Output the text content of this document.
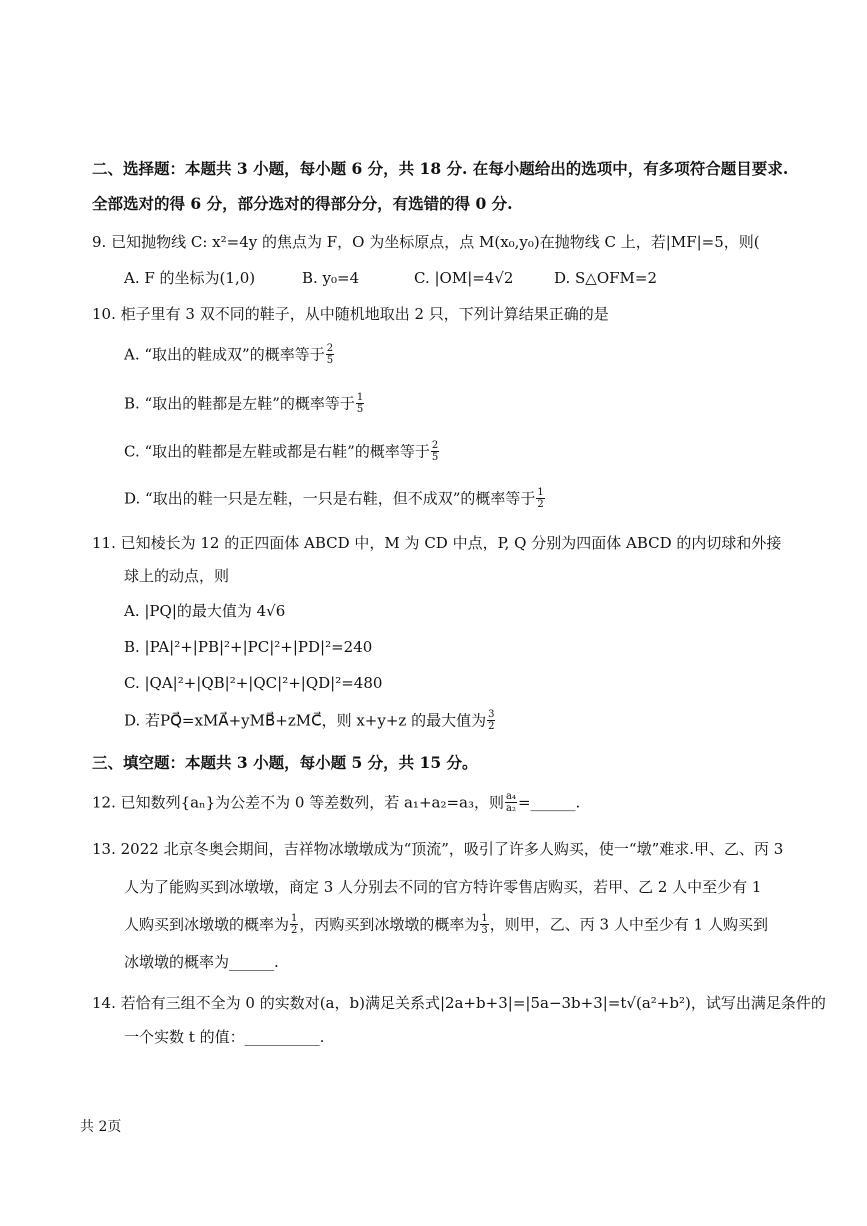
二、选择题：本题共 3 小题，每小题 6 分，共 18 分. 在每小题给出的选项中，有多项符合题目要求.
全部选对的得 6 分，部分选对的得部分分，有选错的得 0 分.
9. 已知抛物线 C: x²=4y 的焦点为 F，O 为坐标原点，点 M(x₀,y₀)在抛物线 C 上，若|MF|=5，则(
A. F 的坐标为(1,0)	B. y₀=4	C. |OM|=4√2	D. S△OFM=2
10. 柜子里有 3 双不同的鞋子，从中随机地取出 2 只，下列计算结果正确的是
A. “取出的鞋成双”的概率等于 $\frac{2}{5}$
B. “取出的鞋都是左鞋”的概率等于 $\frac{1}{5}$
C. “取出的鞋都是左鞋或都是右鞋”的概率等于 $\frac{2}{5}$
D. “取出的鞋一只是左鞋，一只是右鞋，但不成双”的概率等于 $\frac{1}{2}$
11. 已知棱长为 12 的正四面体 ABCD 中，M 为 CD 中点，P, Q 分别为四面体 ABCD 的内切球和外接
球上的动点，则
A. |PQ|的最大值为 4√6
B. |PA|²+|PB|²+|PC|²+|PD|²=240
C. |QA|²+|QB|²+|QC|²+|QD|²=480
D. 若PQ⃗=xMA⃗+yMB⃗+zMC⃗，则 x+y+z 的最大值为 $\frac{3}{2}$
三、填空题：本题共 3 小题，每小题 5 分，共 15 分。
12. 已知数列{aₙ}为公差不为 0 等差数列，若 a₁+a₂=a₃，则 $\frac{\text{a₄}}{\text{a₂}}$ =______.
13. 2022 北京冬奥会期间，吉祥物冰墩墩成为“顶流”，吸引了许多人购买，使一“墩”难求.甲、乙、丙 3
人为了能购买到冰墩墩，商定 3 人分别去不同的官方特许零售店购买，若甲、乙 2 人中至少有 1
人购买到冰墩墩的概率为 $\frac{1}{2}$ ，丙购买到冰墩墩的概率为 $\frac{1}{3}$ ，则甲，乙、丙 3 人中至少有 1 人购买到
冰墩墩的概率为______.
14. 若恰有三组不全为 0 的实数对(a，b)满足关系式|2a+b+3|=|5a−3b+3|=t√(a²+b²)，试写出满足条件的
一个实数 t 的值：__________.
共 2页
